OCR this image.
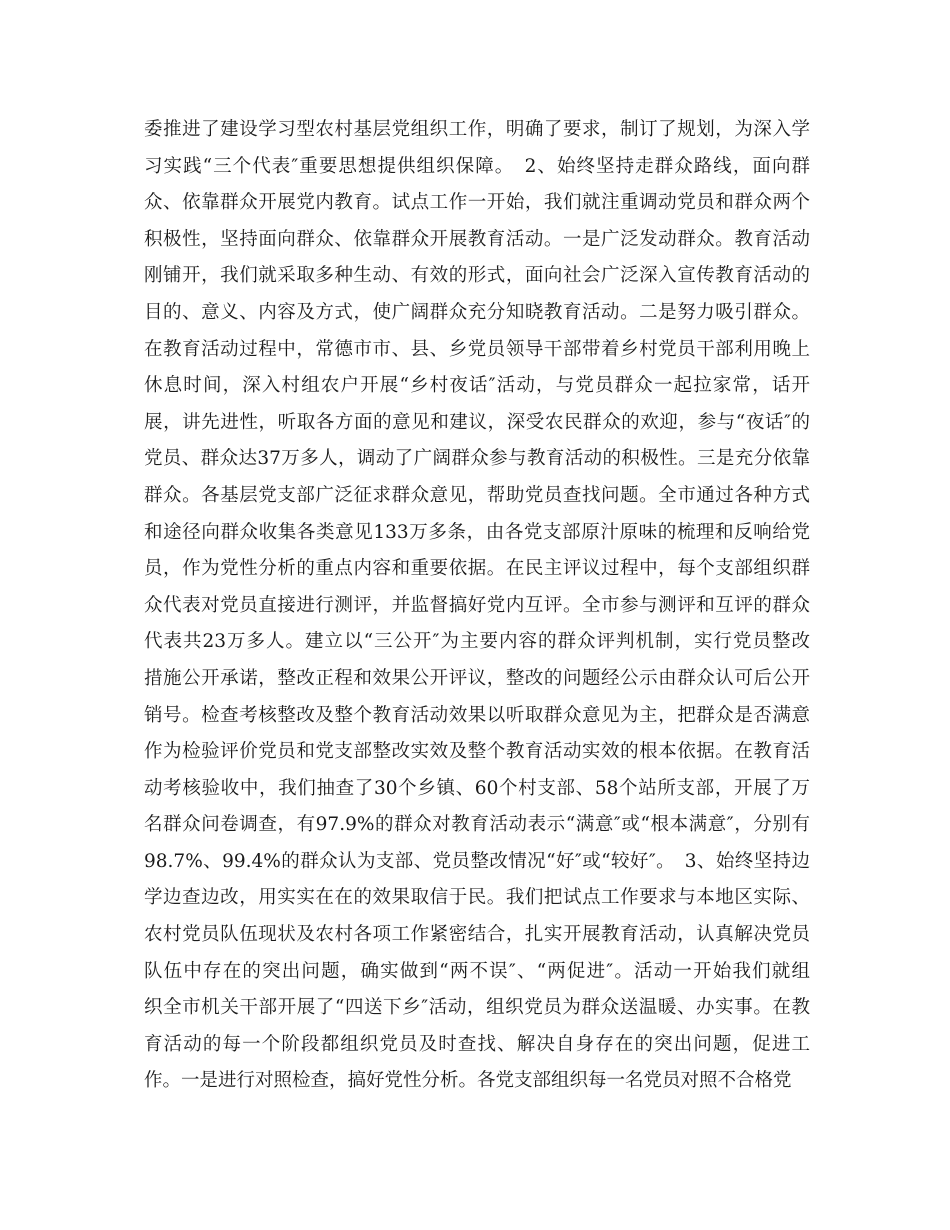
委推进了建设学习型农村基层党组织工作，明确了要求，制订了规划，为深入学
习实践“三个代表″重要思想提供组织保障。　2、始终坚持走群众路线，面向群
众、依靠群众开展党内教育。试点工作一开始，我们就注重调动党员和群众两个
积极性，坚持面向群众、依靠群众开展教育活动。一是广泛发动群众。教育活动
刚铺开，我们就采取多种生动、有效的形式，面向社会广泛深入宣传教育活动的
目的、意义、内容及方式，使广阔群众充分知晓教育活动。二是努力吸引群众。
在教育活动过程中，常德市市、县、乡党员领导干部带着乡村党员干部利用晚上
休息时间，深入村组农户开展“乡村夜话″活动，与党员群众一起拉家常，话开
展，讲先进性，听取各方面的意见和建议，深受农民群众的欢迎，参与“夜话″的
党员、群众达37万多人，调动了广阔群众参与教育活动的积极性。三是充分依靠
群众。各基层党支部广泛征求群众意见，帮助党员查找问题。全市通过各种方式
和途径向群众收集各类意见133万多条，由各党支部原汁原味的梳理和反响给党
员，作为党性分析的重点内容和重要依据。在民主评议过程中，每个支部组织群
众代表对党员直接进行测评，并监督搞好党内互评。全市参与测评和互评的群众
代表共23万多人。建立以“三公开″为主要内容的群众评判机制，实行党员整改
措施公开承诺，整改正程和效果公开评议，整改的问题经公示由群众认可后公开
销号。检查考核整改及整个教育活动效果以听取群众意见为主，把群众是否满意
作为检验评价党员和党支部整改实效及整个教育活动实效的根本依据。在教育活
动考核验收中，我们抽查了30个乡镇、60个村支部、58个站所支部，开展了万
名群众问卷调查，有97.9%的群众对教育活动表示“满意″或“根本满意″，分别有
98.7%、99.4%的群众认为支部、党员整改情况“好″或“较好″。　3、始终坚持边
学边查边改，用实实在在的效果取信于民。我们把试点工作要求与本地区实际、
农村党员队伍现状及农村各项工作紧密结合，扎实开展教育活动，认真解决党员
队伍中存在的突出问题，确实做到“两不误″、“两促进″。活动一开始我们就组
织全市机关干部开展了“四送下乡″活动，组织党员为群众送温暖、办实事。在教
育活动的每一个阶段都组织党员及时查找、解决自身存在的突出问题，促进工
作。一是进行对照检查，搞好党性分析。各党支部组织每一名党员对照不合格党
